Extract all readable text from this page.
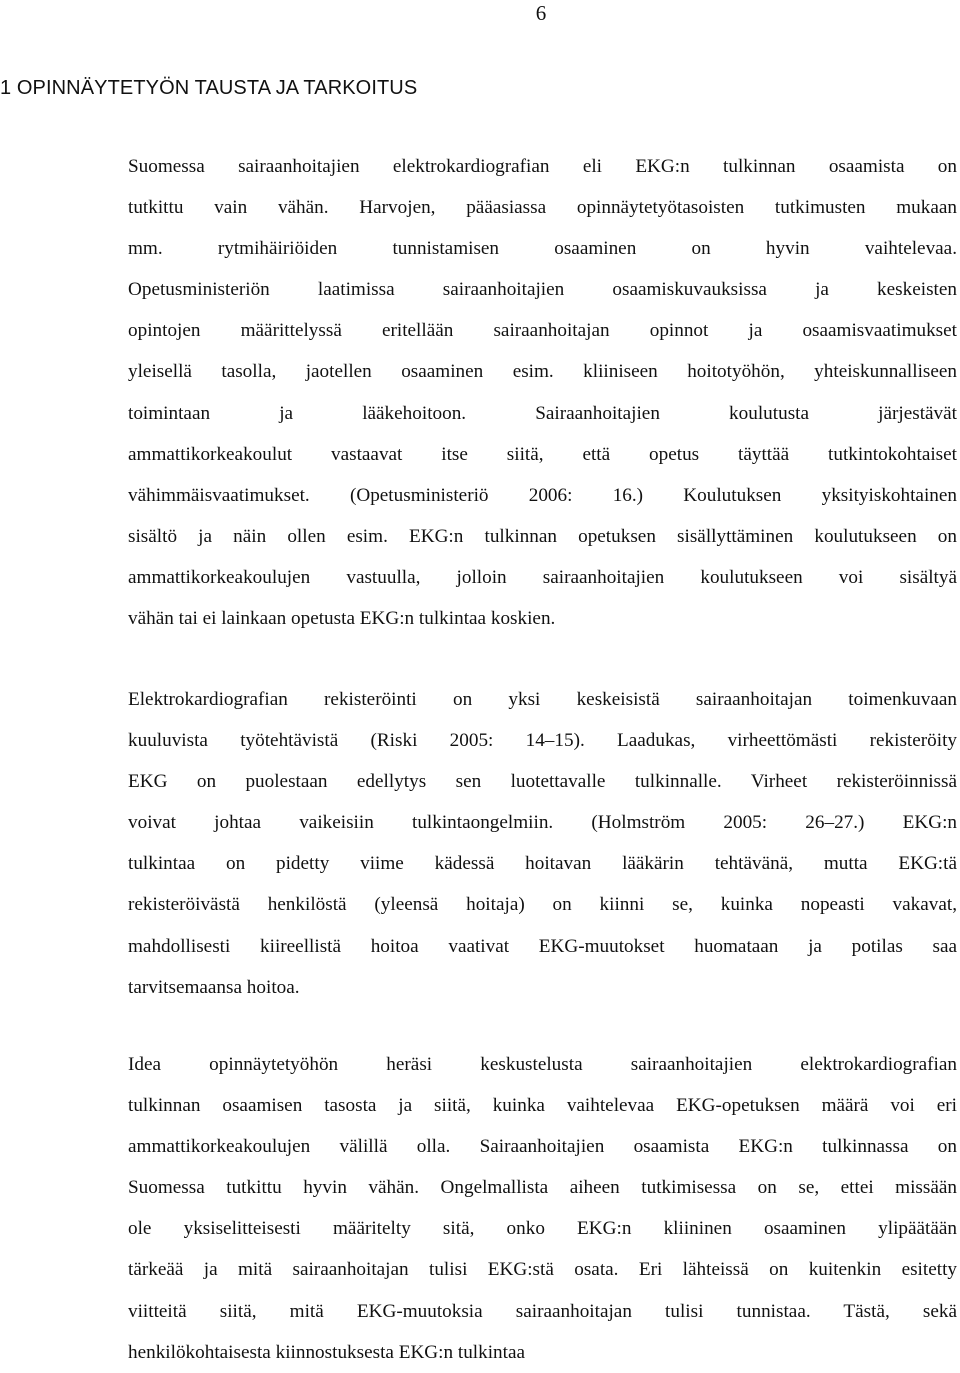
6
1 OPINNÄYTETYÖN TAUSTA JA TARKOITUS

Suomessa sairaanhoitajien elektrokardiografian eli EKG:n tulkinnan osaamista on
tutkittu vain vähän. Harvojen, pääasiassa opinnäytetyötasoisten tutkimusten mukaan
mm. rytmihäiriöiden tunnistamisen osaaminen on hyvin vaihtelevaa.
Opetusministeriön laatimissa sairaanhoitajien osaamiskuvauksissa ja keskeisten
opintojen määrittelyssä eritellään sairaanhoitajan opinnot ja osaamisvaatimukset
yleisellä tasolla, jaotellen osaaminen esim. kliiniseen hoitotyöhön, yhteiskunnalliseen
toimintaan ja lääkehoitoon. Sairaanhoitajien koulutusta järjestävät
ammattikorkeakoulut vastaavat itse siitä, että opetus täyttää tutkintokohtaiset
vähimmäisvaatimukset. (Opetusministeriö 2006: 16.) Koulutuksen yksityiskohtainen
sisältö ja näin ollen esim. EKG:n tulkinnan opetuksen sisällyttäminen koulutukseen on
ammattikorkeakoulujen vastuulla, jolloin sairaanhoitajien koulutukseen voi sisältyä
vähän tai ei lainkaan opetusta EKG:n tulkintaa koskien.

Elektrokardiografian rekisteröinti on yksi keskeisistä sairaanhoitajan toimenkuvaan
kuuluvista työtehtävistä (Riski 2005: 14–15). Laadukas, virheettömästi rekisteröity
EKG on puolestaan edellytys sen luotettavalle tulkinnalle. Virheet rekisteröinnissä
voivat johtaa vaikeisiin tulkintaongelmiin. (Holmström 2005: 26–27.) EKG:n
tulkintaa on pidetty viime kädessä hoitavan lääkärin tehtävänä, mutta EKG:tä
rekisteröivästä henkilöstä (yleensä hoitaja) on kiinni se, kuinka nopeasti vakavat,
mahdollisesti kiireellistä hoitoa vaativat EKG-muutokset huomataan ja potilas saa
tarvitsemaansa hoitoa.

Idea opinnäytetyöhön heräsi keskustelusta sairaanhoitajien elektrokardiografian
tulkinnan osaamisen tasosta ja siitä, kuinka vaihtelevaa EKG-opetuksen määrä voi eri
ammattikorkeakoulujen välillä olla. Sairaanhoitajien osaamista EKG:n tulkinnassa on
Suomessa tutkittu hyvin vähän. Ongelmallista aiheen tutkimisessa on se, ettei missään
ole yksiselitteisesti määritelty sitä, onko EKG:n kliininen osaaminen ylipäätään
tärkeää ja mitä sairaanhoitajan tulisi EKG:stä osata. Eri lähteissä on kuitenkin esitetty
viitteitä siitä, mitä EKG-muutoksia sairaanhoitajan tulisi tunnistaa. Tästä, sekä
henkilökohtaisesta kiinnostuksesta EKG:n tulkintaa
